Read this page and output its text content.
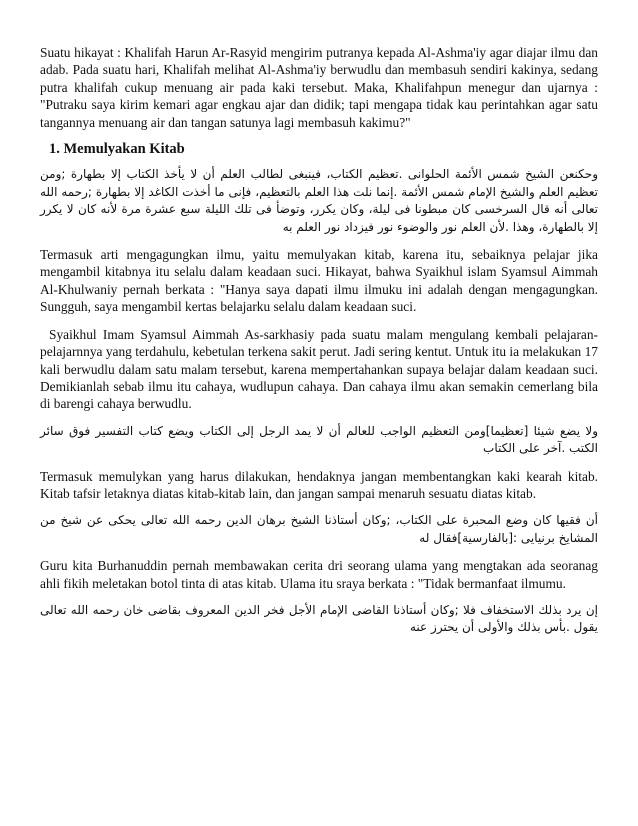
Suatu hikayat : Khalifah Harun Ar-Rasyid mengirim putranya kepada Al-Ashma'iy agar diajar ilmu dan adab. Pada suatu hari, Khalifah melihat Al-Ashma'iy berwudlu dan membasuh sendiri kakinya, sedang putra khalifah cukup menuang air pada kaki tersebut. Maka, Khalifahpun menegur dan ujarnya : "Putraku saya kirim kemari agar engkau ajar dan didik; tapi mengapa tidak kau perintahkan agar satu tangannya menuang air dan tangan satunya lagi membasuh kakimu?"

1. Memulyakan Kitab

وحكنعن الشيخ شمس الأئمة الحلوانى .تعظيم الكتاب، فينبغى لطالب العلم أن لا يأخذ الكتاب إلا بطهارة ;ومن تعظيم العلم والشيخ الإمام شمس الأئمة .إنما نلت هذا العلم بالتعظيم، فإنى ما أخذت الكاغد إلا بطهارة ;رحمه الله تعالى أنه قال السرخسى كان مبطونا فى ليلة، وكان يكرر، وتوضأ فى تلك الليلة سبع عشرة مرة لأنه كان لا يكرر إلا بالطهارة، وهذا .لأن العلم نور والوضوء نور فيزداد نور العلم به

Termasuk arti mengagungkan ilmu, yaitu memulyakan kitab, karena itu, sebaiknya pelajar jika mengambil kitabnya itu selalu dalam keadaan suci. Hikayat, bahwa Syaikhul islam Syamsul Aimmah Al-Khulwaniy pernah berkata : "Hanya saya dapati ilmu ilmuku ini adalah dengan mengagungkan. Sungguh, saya mengambil kertas belajarku selalu dalam keadaan suci.

Syaikhul Imam Syamsul Aimmah As-sarkhasiy pada suatu malam mengulang kembali pelajaran-pelajarnnya yang terdahulu, kebetulan terkena sakit perut. Jadi sering kentut. Untuk itu ia melakukan 17 kali berwudlu dalam satu malam tersebut, karena mempertahankan supaya belajar dalam keadaan suci. Demikianlah sebab ilmu itu cahaya, wudlupun cahaya. Dan cahaya ilmu akan semakin cemerlang bila di barengi cahaya berwudlu.

ولا يضع شيئا [تعظيما]ومن التعظيم الواجب للعالم أن لا يمد الرجل إلى الكتاب ويضع كتاب التفسير فوق سائر الكتب .آخر على الكتاب

Termasuk memulykan yang harus dilakukan, hendaknya jangan membentangkan kaki kearah kitab. Kitab tafsir letaknya diatas kitab-kitab lain, dan jangan sampai menaruh sesuatu diatas kitab.

أن فقيها كان وضع المحبرة على الكتاب، ;وكان أستاذنا الشيخ برهان الدين رحمه الله تعالى يحكى عن شيخ من المشايخ برنيايى :[بالفارسية]فقال له

Guru kita Burhanuddin pernah membawakan cerita dri seorang ulama yang mengtakan ada seoranag ahli fikih meletakan botol tinta di atas kitab. Ulama itu sraya berkata : "Tidak bermanfaat ilmumu.

إن يرد بذلك الاستخفاف فلا ;وكان أستاذنا القاضى الإمام الأجل فخر الدين المعروف بقاضى خان رحمه الله تعالى يقول .بأس بذلك والأولى أن يحترز عنه
